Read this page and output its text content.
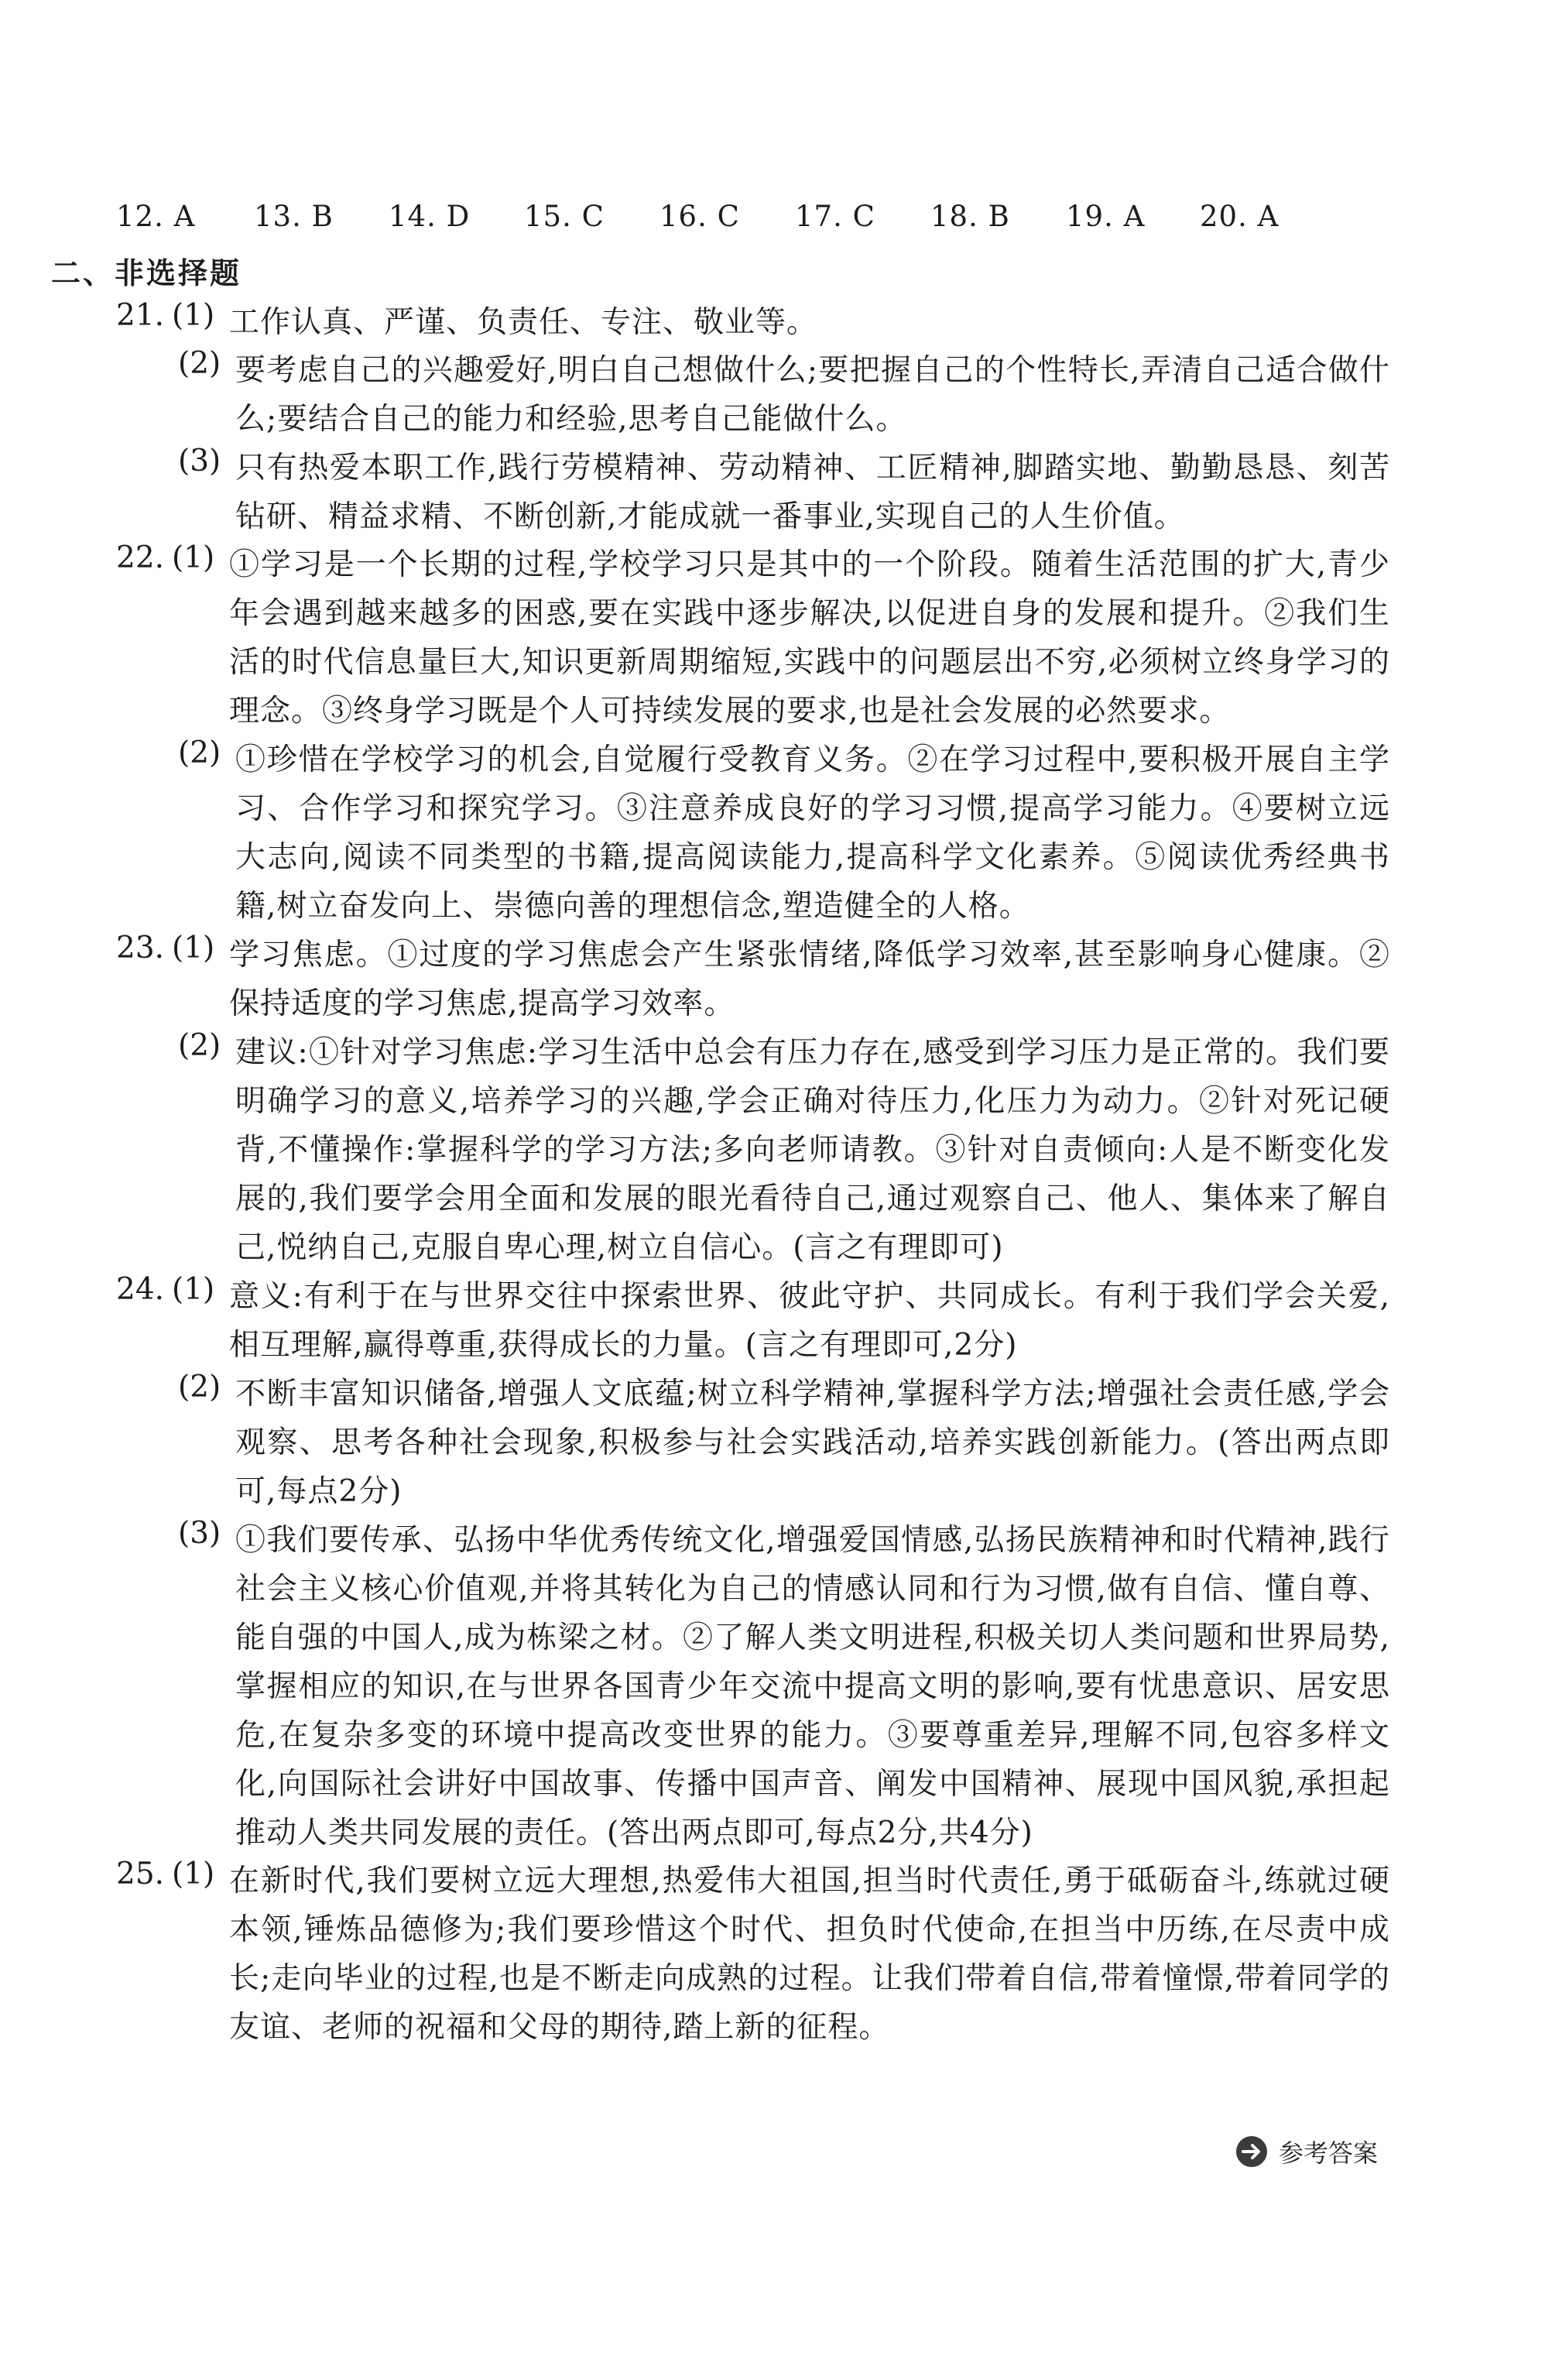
12. A 13. B 14. D 15. C 16. C 17. C 18. B 19. A 20. A
二、非选择题
21. (1) 工作认真、严谨、负责任、专注、敬业等。
(2) 要考虑自己的兴趣爱好,明白自己想做什么;要把握自己的个性特长,弄清自己适合做什么;要结合自己的能力和经验,思考自己能做什么。
(3) 只有热爱本职工作,践行劳模精神、劳动精神、工匠精神,脚踏实地、勤勤恳恳、刻苦钻研、精益求精、不断创新,才能成就一番事业,实现自己的人生价值。
22. (1) ①学习是一个长期的过程,学校学习只是其中的一个阶段。随着生活范围的扩大,青少年会遇到越来越多的困惑,要在实践中逐步解决,以促进自身的发展和提升。②我们生活的时代信息量巨大,知识更新周期缩短,实践中的问题层出不穷,必须树立终身学习的理念。③终身学习既是个人可持续发展的要求,也是社会发展的必然要求。
(2) ①珍惜在学校学习的机会,自觉履行受教育义务。②在学习过程中,要积极开展自主学习、合作学习和探究学习。③注意养成良好的学习习惯,提高学习能力。④要树立远大志向,阅读不同类型的书籍,提高阅读能力,提高科学文化素养。⑤阅读优秀经典书籍,树立奋发向上、崇德向善的理想信念,塑造健全的人格。
23. (1) 学习焦虑。①过度的学习焦虑会产生紧张情绪,降低学习效率,甚至影响身心健康。②保持适度的学习焦虑,提高学习效率。
(2) 建议:①针对学习焦虑:学习生活中总会有压力存在,感受到学习压力是正常的。我们要明确学习的意义,培养学习的兴趣,学会正确对待压力,化压力为动力。②针对死记硬背,不懂操作:掌握科学的学习方法;多向老师请教。③针对自责倾向:人是不断变化发展的,我们要学会用全面和发展的眼光看待自己,通过观察自己、他人、集体来了解自己,悦纳自己,克服自卑心理,树立自信心。(言之有理即可)
24. (1) 意义:有利于在与世界交往中探索世界、彼此守护、共同成长。有利于我们学会关爱,相互理解,赢得尊重,获得成长的力量。(言之有理即可,2分)
(2) 不断丰富知识储备,增强人文底蕴;树立科学精神,掌握科学方法;增强社会责任感,学会观察、思考各种社会现象,积极参与社会实践活动,培养实践创新能力。(答出两点即可,每点2分)
(3) ①我们要传承、弘扬中华优秀传统文化,增强爱国情感,弘扬民族精神和时代精神,践行社会主义核心价值观,并将其转化为自己的情感认同和行为习惯,做有自信、懂自尊、能自强的中国人,成为栋梁之材。②了解人类文明进程,积极关切人类问题和世界局势,掌握相应的知识,在与世界各国青少年交流中提高文明的影响,要有忧患意识、居安思危,在复杂多变的环境中提高改变世界的能力。③要尊重差异,理解不同,包容多样文化,向国际社会讲好中国故事、传播中国声音、阐发中国精神、展现中国风貌,承担起推动人类共同发展的责任。(答出两点即可,每点2分,共4分)
25. (1) 在新时代,我们要树立远大理想,热爱伟大祖国,担当时代责任,勇于砥砺奋斗,练就过硬本领,锤炼品德修为;我们要珍惜这个时代、担负时代使命,在担当中历练,在尽责中成长;走向毕业的过程,也是不断走向成熟的过程。让我们带着自信,带着憧憬,带着同学的友谊、老师的祝福和父母的期待,踏上新的征程。
参考答案
